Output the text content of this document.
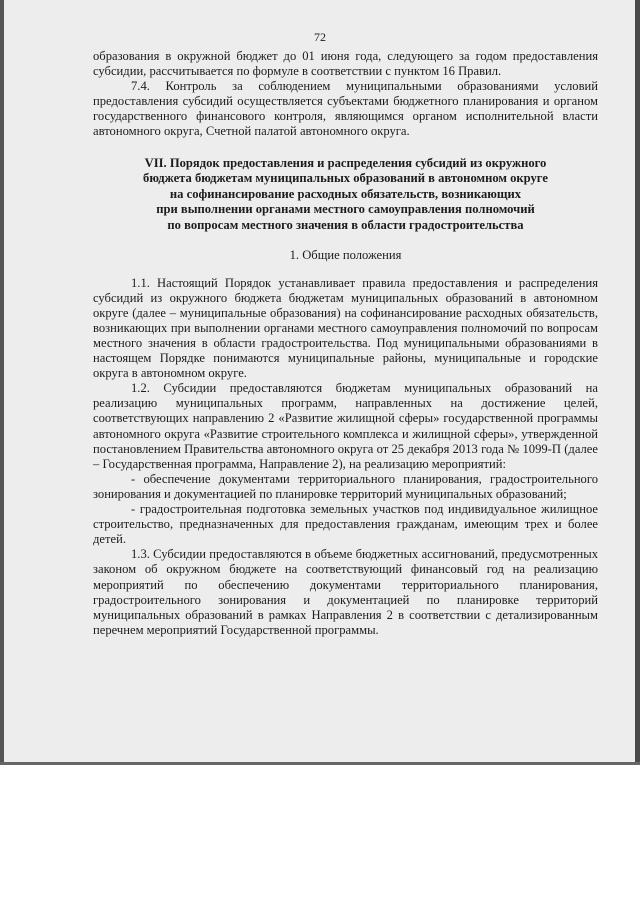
72

образования в окружной бюджет до 01 июня года, следующего за годом предоставления субсидии, рассчитывается по формуле в соответствии с пунктом 16 Правил.

7.4. Контроль за соблюдением муниципальными образованиями условий предоставления субсидий осуществляется субъектами бюджетного планирования и органом государственного финансового контроля, являющимся органом исполнительной власти автономного округа, Счетной палатой автономного округа.

VII. Порядок предоставления и распределения субсидий из окружного
бюджета бюджетам муниципальных образований в автономном округе
на софинансирование расходных обязательств, возникающих
при выполнении органами местного самоуправления полномочий
по вопросам местного значения в области градостроительства
1. Общие положения

1.1. Настоящий Порядок устанавливает правила предоставления и распределения субсидий из окружного бюджета бюджетам муниципальных образований в автономном округе (далее – муниципальные образования) на софинансирование расходных обязательств, возникающих при выполнении органами местного самоуправления полномочий по вопросам местного значения в области градостроительства. Под муниципальными образованиями в настоящем Порядке понимаются муниципальные районы, муниципальные и городские округа в автономном округе.

1.2. Субсидии предоставляются бюджетам муниципальных образований на реализацию муниципальных программ, направленных на достижение целей, соответствующих направлению 2 «Развитие жилищной сферы» государственной программы автономного округа «Развитие строительного комплекса и жилищной сферы», утвержденной постановлением Правительства автономного округа от 25 декабря 2013 года № 1099-П (далее – Государственная программа, Направление 2), на реализацию мероприятий:

- обеспечение документами территориального планирования, градостроительного зонирования и документацией по планировке территорий муниципальных образований;

- градостроительная подготовка земельных участков под индивидуальное жилищное строительство, предназначенных для предоставления гражданам, имеющим трех и более детей.

1.3. Субсидии предоставляются в объеме бюджетных ассигнований, предусмотренных законом об окружном бюджете на соответствующий финансовый год на реализацию мероприятий по обеспечению документами территориального планирования, градостроительного зонирования и документацией по планировке территорий муниципальных образований в рамках Направления 2 в соответствии с детализированным перечнем мероприятий Государственной программы.
